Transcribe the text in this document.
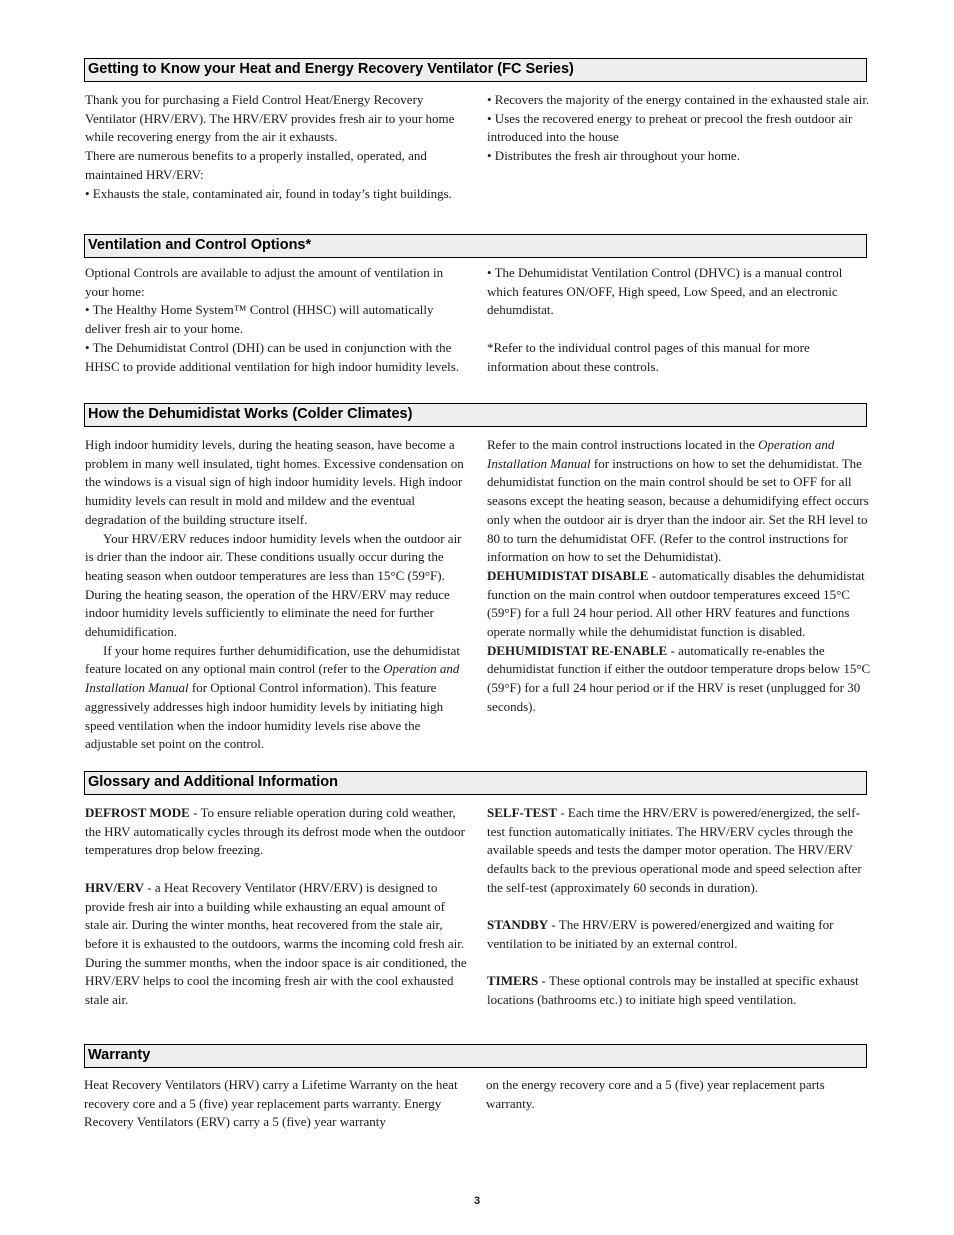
Getting to Know your Heat and Energy Recovery Ventilator (FC Series)

Thank you for purchasing a Field Control Heat/Energy Recovery Ventilator (HRV/ERV). The HRV/ERV provides fresh air to your home while recovering energy from the air it exhausts.

There are numerous benefits to a properly installed, operated, and maintained HRV/ERV:

• Exhausts the stale, contaminated air, found in today’s tight buildings.

• Recovers the majority of the energy contained in the exhausted stale air.

• Uses the recovered energy to preheat or precool the fresh outdoor air introduced into the house

• Distributes the fresh air throughout your home.

Ventilation and Control Options*

Optional Controls are available to adjust the amount of ventilation in your home:

• The Healthy Home System™ Control (HHSC) will automatically deliver fresh air to your home.

• The Dehumidistat Control (DHI) can be used in conjunction with the HHSC to provide additional ventilation for high indoor humidity levels.

• The Dehumidistat Ventilation Control (DHVC) is a manual control which features ON/OFF, High speed, Low Speed, and an electronic dehumdistat.

*Refer to the individual control pages of this manual for more information about these controls.

How the Dehumidistat Works (Colder Climates)

High indoor humidity levels, during the heating season, have become a problem in many well insulated, tight homes. Excessive condensation on the windows is a visual sign of high indoor humidity levels. High indoor humidity levels can result in mold and mildew and the eventual degradation of the building structure itself.

Your HRV/ERV reduces indoor humidity levels when the outdoor air is drier than the indoor air. These conditions usually occur during the heating season when outdoor temperatures are less than 15°C (59°F). During the heating season, the operation of the HRV/ERV may reduce indoor humidity levels sufficiently to eliminate the need for further dehumidification.

If your home requires further dehumidification, use the dehumidistat feature located on any optional main control (refer to the Operation and Installation Manual for Optional Control information). This feature aggressively addresses high indoor humidity levels by initiating high speed ventilation when the indoor humidity levels rise above the adjustable set point on the control.

Refer to the main control instructions located in the Operation and Installation Manual for instructions on how to set the dehumidistat. The dehumidistat function on the main control should be set to OFF for all seasons except the heating season, because a dehumidifying effect occurs only when the outdoor air is dryer than the indoor air. Set the RH level to 80 to turn the dehumidistat OFF. (Refer to the control instructions for information on how to set the Dehumidistat).

DEHUMIDISTAT DISABLE - automatically disables the dehumidistat function on the main control when outdoor temperatures exceed 15°C (59°F) for a full 24 hour period. All other HRV features and functions operate normally while the dehumidistat function is disabled.

DEHUMIDISTAT RE-ENABLE - automatically re-enables the dehumidistat function if either the outdoor temperature drops below 15°C (59°F) for a full 24 hour period or if the HRV is reset (unplugged for 30 seconds).

Glossary and Additional Information

DEFROST MODE - To ensure reliable operation during cold weather, the HRV automatically cycles through its defrost mode when the outdoor temperatures drop below freezing.

HRV/ERV - a Heat Recovery Ventilator (HRV/ERV) is designed to provide fresh air into a building while exhausting an equal amount of stale air. During the winter months, heat recovered from the stale air, before it is exhausted to the outdoors, warms the incoming cold fresh air. During the summer months, when the indoor space is air conditioned, the HRV/ERV helps to cool the incoming fresh air with the cool exhausted stale air.

SELF-TEST - Each time the HRV/ERV is powered/energized, the self-test function automatically initiates. The HRV/ERV cycles through the available speeds and tests the damper motor operation. The HRV/ERV defaults back to the previous operational mode and speed selection after the self-test (approximately 60 seconds in duration).

STANDBY - The HRV/ERV is powered/energized and waiting for ventilation to be initiated by an external control.

TIMERS - These optional controls may be installed at specific exhaust locations (bathrooms etc.) to initiate high speed ventilation.

Warranty

Heat Recovery Ventilators (HRV) carry a Lifetime Warranty on the heat recovery core and a 5 (five) year replacement parts warranty. Energy Recovery Ventilators (ERV) carry a 5 (five) year warranty

on the energy recovery core and a 5 (five) year replacement parts warranty.

3
